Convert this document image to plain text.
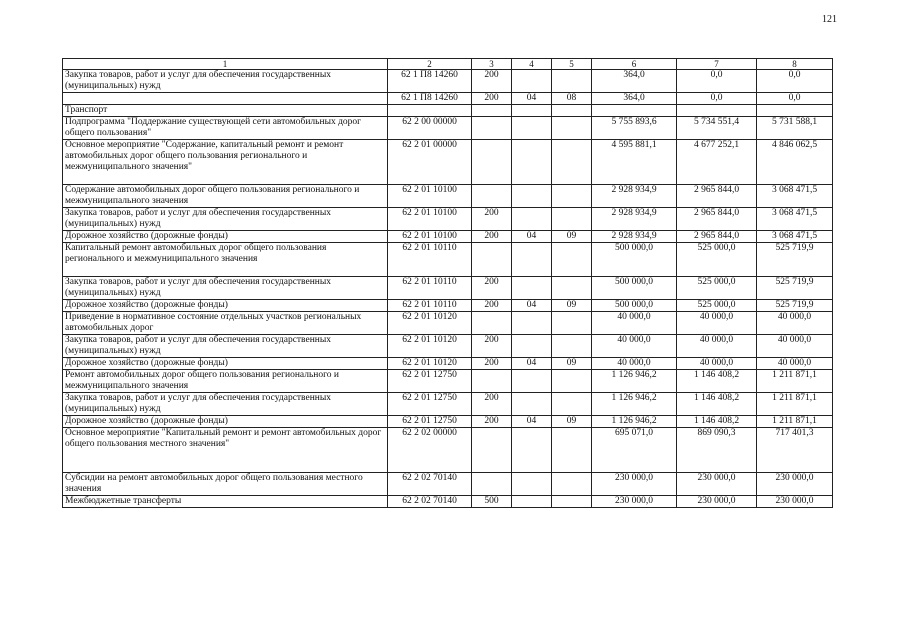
121
1	2	3	4	5	6	7	8
Закупка товаров, работ и услуг для обеспечения государственных (муниципальных) нужд	62 1 П8 14260	200			364,0	0,0	0,0
	62 1 П8 14260	200	04	08	364,0	0,0	0,0
Транспорт							
Подпрограмма "Поддержание существующей сети автомобильных дорог общего пользования"	62 2 00 00000				5 755 893,6	5 734 551,4	5 731 588,1
Основное мероприятие "Содержание, капитальный ремонт и ремонт автомобильных дорог общего пользования регионального и межмуниципального значения"	62 2 01 00000				4 595 881,1	4 677 252,1	4 846 062,5
Содержание автомобильных дорог общего пользования регионального и межмуниципального значения	62 2 01 10100				2 928 934,9	2 965 844,0	3 068 471,5
Закупка товаров, работ и услуг для обеспечения государственных (муниципальных) нужд	62 2 01 10100	200			2 928 934,9	2 965 844,0	3 068 471,5
Дорожное хозяйство (дорожные фонды)	62 2 01 10100	200	04	09	2 928 934,9	2 965 844,0	3 068 471,5
Капитальный ремонт автомобильных дорог общего пользования регионального и межмуниципального значения	62 2 01 10110				500 000,0	525 000,0	525 719,9
Закупка товаров, работ и услуг для обеспечения государственных (муниципальных) нужд	62 2 01 10110	200			500 000,0	525 000,0	525 719,9
Дорожное хозяйство (дорожные фонды)	62 2 01 10110	200	04	09	500 000,0	525 000,0	525 719,9
Приведение в нормативное состояние отдельных участков региональных автомобильных дорог	62 2 01 10120				40 000,0	40 000,0	40 000,0
Закупка товаров, работ и услуг для обеспечения государственных (муниципальных) нужд	62 2 01 10120	200			40 000,0	40 000,0	40 000,0
Дорожное хозяйство (дорожные фонды)	62 2 01 10120	200	04	09	40 000,0	40 000,0	40 000,0
Ремонт автомобильных дорог общего пользования регионального и межмуниципального значения	62 2 01 12750				1 126 946,2	1 146 408,2	1 211 871,1
Закупка товаров, работ и услуг для обеспечения государственных (муниципальных) нужд	62 2 01 12750	200			1 126 946,2	1 146 408,2	1 211 871,1
Дорожное хозяйство (дорожные фонды)	62 2 01 12750	200	04	09	1 126 946,2	1 146 408,2	1 211 871,1
Основное мероприятие "Капитальный ремонт и ремонт автомобильных дорог общего пользования местного значения"	62 2 02 00000				695 071,0	869 090,3	717 401,3
Субсидии на ремонт автомобильных дорог общего пользования местного значения	62 2 02 70140				230 000,0	230 000,0	230 000,0
Межбюджетные трансферты	62 2 02 70140	500			230 000,0	230 000,0	230 000,0
